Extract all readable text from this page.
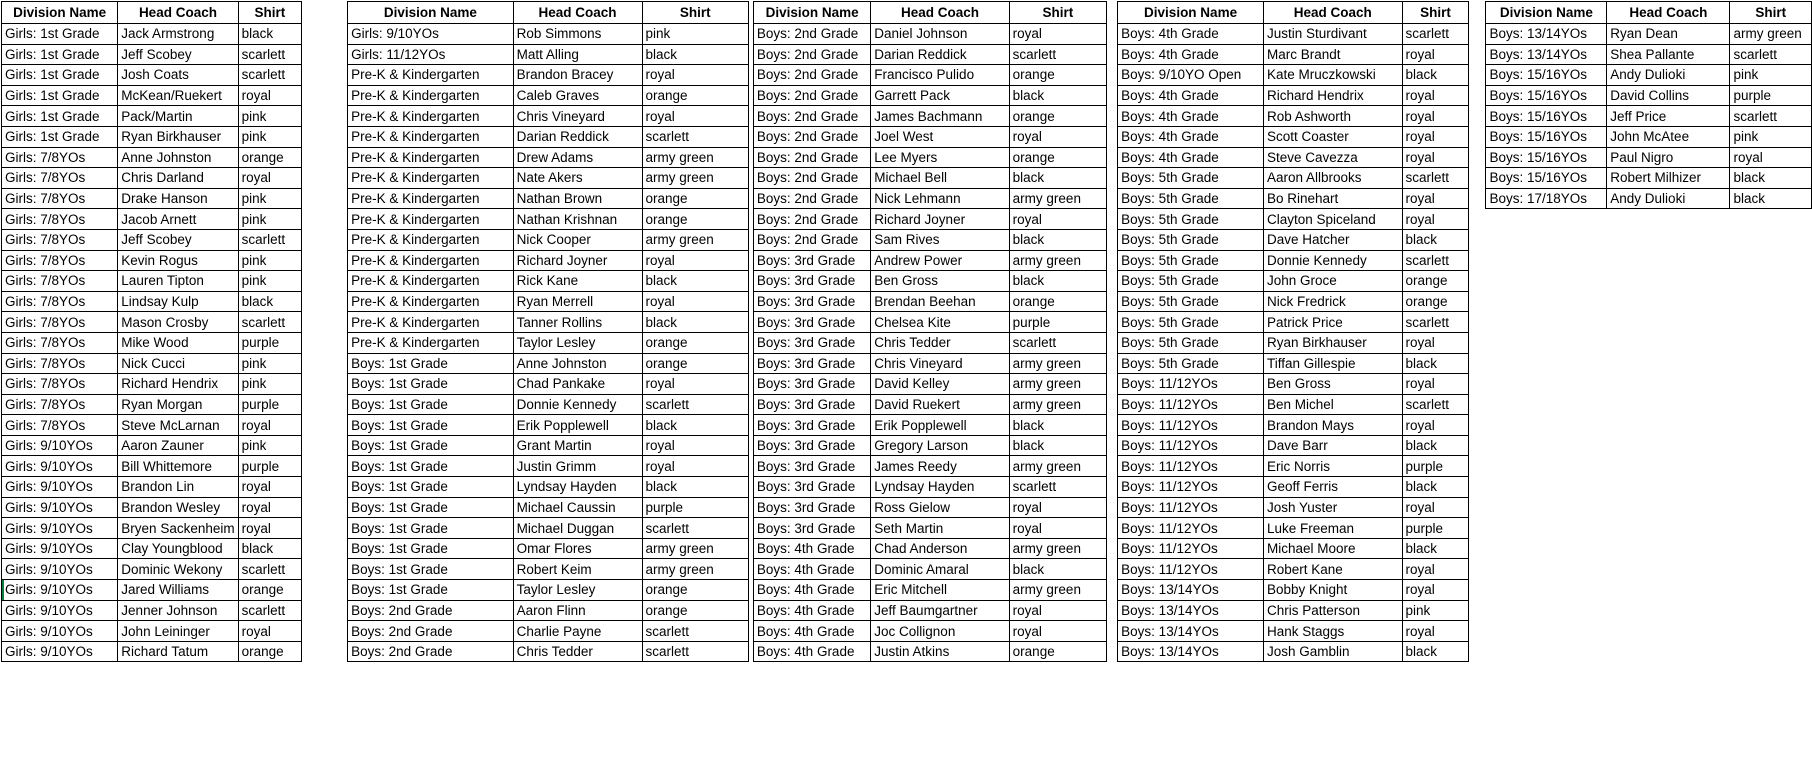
Division Name	Head Coach	Shirt
Girls: 1st Grade	Jack Armstrong	black
Girls: 1st Grade	Jeff Scobey	scarlett
Girls: 1st Grade	Josh Coats	scarlett
Girls: 1st Grade	McKean/Ruekert	royal
Girls: 1st Grade	Pack/Martin	pink
Girls: 1st Grade	Ryan Birkhauser	pink
Girls: 7/8YOs	Anne Johnston	orange
Girls: 7/8YOs	Chris Darland	royal
Girls: 7/8YOs	Drake Hanson	pink
Girls: 7/8YOs	Jacob Arnett	pink
Girls: 7/8YOs	Jeff Scobey	scarlett
Girls: 7/8YOs	Kevin Rogus	pink
Girls: 7/8YOs	Lauren Tipton	pink
Girls: 7/8YOs	Lindsay Kulp	black
Girls: 7/8YOs	Mason Crosby	scarlett
Girls: 7/8YOs	Mike Wood	purple
Girls: 7/8YOs	Nick Cucci	pink
Girls: 7/8YOs	Richard Hendrix	pink
Girls: 7/8YOs	Ryan Morgan	purple
Girls: 7/8YOs	Steve McLarnan	royal
Girls: 9/10YOs	Aaron Zauner	pink
Girls: 9/10YOs	Bill Whittemore	purple
Girls: 9/10YOs	Brandon Lin	royal
Girls: 9/10YOs	Brandon Wesley	royal
Girls: 9/10YOs	Bryen Sackenheim	royal
Girls: 9/10YOs	Clay Youngblood	black
Girls: 9/10YOs	Dominic Wekony	scarlett
Girls: 9/10YOs	Jared Williams	orange
Girls: 9/10YOs	Jenner Johnson	scarlett
Girls: 9/10YOs	John Leininger	royal
Girls: 9/10YOs	Richard Tatum	orange
Division Name	Head Coach	Shirt
Girls: 9/10YOs	Rob Simmons	pink
Girls: 11/12YOs	Matt Alling	black
Pre-K & Kindergarten	Brandon Bracey	royal
Pre-K & Kindergarten	Caleb Graves	orange
Pre-K & Kindergarten	Chris Vineyard	royal
Pre-K & Kindergarten	Darian Reddick	scarlett
Pre-K & Kindergarten	Drew Adams	army green
Pre-K & Kindergarten	Nate Akers	army green
Pre-K & Kindergarten	Nathan Brown	orange
Pre-K & Kindergarten	Nathan Krishnan	orange
Pre-K & Kindergarten	Nick Cooper	army green
Pre-K & Kindergarten	Richard Joyner	royal
Pre-K & Kindergarten	Rick Kane	black
Pre-K & Kindergarten	Ryan Merrell	royal
Pre-K & Kindergarten	Tanner Rollins	black
Pre-K & Kindergarten	Taylor Lesley	orange
Boys: 1st Grade	Anne Johnston	orange
Boys: 1st Grade	Chad Pankake	royal
Boys: 1st Grade	Donnie Kennedy	scarlett
Boys: 1st Grade	Erik Popplewell	black
Boys: 1st Grade	Grant Martin	royal
Boys: 1st Grade	Justin Grimm	royal
Boys: 1st Grade	Lyndsay Hayden	black
Boys: 1st Grade	Michael Caussin	purple
Boys: 1st Grade	Michael Duggan	scarlett
Boys: 1st Grade	Omar Flores	army green
Boys: 1st Grade	Robert Keim	army green
Boys: 1st Grade	Taylor Lesley	orange
Boys: 2nd Grade	Aaron Flinn	orange
Boys: 2nd Grade	Charlie Payne	scarlett
Boys: 2nd Grade	Chris Tedder	scarlett
Division Name	Head Coach	Shirt
Boys: 2nd Grade	Daniel Johnson	royal
Boys: 2nd Grade	Darian Reddick	scarlett
Boys: 2nd Grade	Francisco Pulido	orange
Boys: 2nd Grade	Garrett Pack	black
Boys: 2nd Grade	James Bachmann	orange
Boys: 2nd Grade	Joel West	royal
Boys: 2nd Grade	Lee Myers	orange
Boys: 2nd Grade	Michael Bell	black
Boys: 2nd Grade	Nick Lehmann	army green
Boys: 2nd Grade	Richard Joyner	royal
Boys: 2nd Grade	Sam Rives	black
Boys: 3rd Grade	Andrew Power	army green
Boys: 3rd Grade	Ben Gross	black
Boys: 3rd Grade	Brendan Beehan	orange
Boys: 3rd Grade	Chelsea Kite	purple
Boys: 3rd Grade	Chris Tedder	scarlett
Boys: 3rd Grade	Chris Vineyard	army green
Boys: 3rd Grade	David Kelley	army green
Boys: 3rd Grade	David Ruekert	army green
Boys: 3rd Grade	Erik Popplewell	black
Boys: 3rd Grade	Gregory Larson	black
Boys: 3rd Grade	James Reedy	army green
Boys: 3rd Grade	Lyndsay Hayden	scarlett
Boys: 3rd Grade	Ross Gielow	royal
Boys: 3rd Grade	Seth Martin	royal
Boys: 4th Grade	Chad Anderson	army green
Boys: 4th Grade	Dominic Amaral	black
Boys: 4th Grade	Eric Mitchell	army green
Boys: 4th Grade	Jeff Baumgartner	royal
Boys: 4th Grade	Joc Collignon	royal
Boys: 4th Grade	Justin Atkins	orange
Division Name	Head Coach	Shirt
Boys: 4th Grade	Justin Sturdivant	scarlett
Boys: 4th Grade	Marc Brandt	royal
Boys: 9/10YO Open	Kate Mruczkowski	black
Boys: 4th Grade	Richard Hendrix	royal
Boys: 4th Grade	Rob Ashworth	royal
Boys: 4th Grade	Scott Coaster	royal
Boys: 4th Grade	Steve Cavezza	royal
Boys: 5th Grade	Aaron Allbrooks	scarlett
Boys: 5th Grade	Bo Rinehart	royal
Boys: 5th Grade	Clayton Spiceland	royal
Boys: 5th Grade	Dave Hatcher	black
Boys: 5th Grade	Donnie Kennedy	scarlett
Boys: 5th Grade	John Groce	orange
Boys: 5th Grade	Nick Fredrick	orange
Boys: 5th Grade	Patrick Price	scarlett
Boys: 5th Grade	Ryan Birkhauser	royal
Boys: 5th Grade	Tiffan Gillespie	black
Boys: 11/12YOs	Ben Gross	royal
Boys: 11/12YOs	Ben Michel	scarlett
Boys: 11/12YOs	Brandon Mays	royal
Boys: 11/12YOs	Dave Barr	black
Boys: 11/12YOs	Eric Norris	purple
Boys: 11/12YOs	Geoff Ferris	black
Boys: 11/12YOs	Josh Yuster	royal
Boys: 11/12YOs	Luke Freeman	purple
Boys: 11/12YOs	Michael Moore	black
Boys: 11/12YOs	Robert Kane	royal
Boys: 13/14YOs	Bobby Knight	royal
Boys: 13/14YOs	Chris Patterson	pink
Boys: 13/14YOs	Hank Staggs	royal
Boys: 13/14YOs	Josh Gamblin	black
Division Name	Head Coach	Shirt
Boys: 13/14YOs	Ryan Dean	army green
Boys: 13/14YOs	Shea Pallante	scarlett
Boys: 15/16YOs	Andy Dulioki	pink
Boys: 15/16YOs	David Collins	purple
Boys: 15/16YOs	Jeff Price	scarlett
Boys: 15/16YOs	John McAtee	pink
Boys: 15/16YOs	Paul Nigro	royal
Boys: 15/16YOs	Robert Milhizer	black
Boys: 17/18YOs	Andy Dulioki	black
